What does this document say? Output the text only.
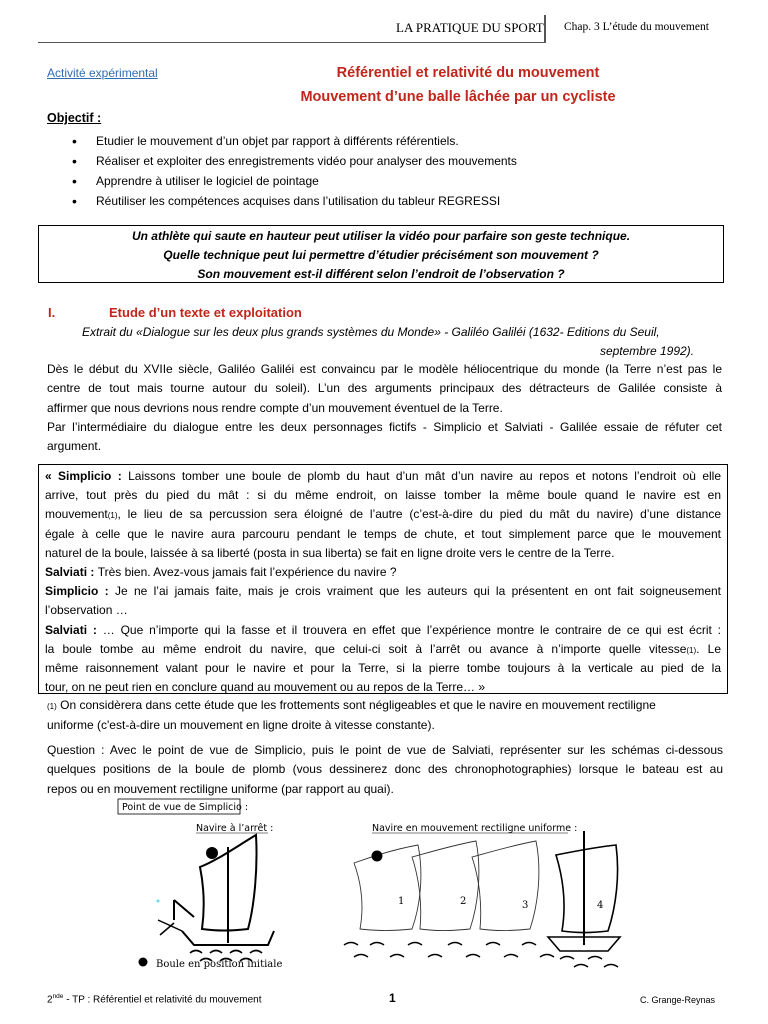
LA PRATIQUE DU SPORT Chap. 3 L’étude du mouvement
Activité expérimental	Référentiel et relativité du mouvement
Mouvement d’une balle lâchée par un cycliste
Objectif :
• Etudier le mouvement d’un objet par rapport à différents référentiels.
• Réaliser et exploiter des enregistrements vidéo pour analyser des mouvements
• Apprendre à utiliser le logiciel de pointage
• Réutiliser les compétences acquises dans l’utilisation du tableur REGRESSI
Un athlète qui saute en hauteur peut utiliser la vidéo pour parfaire son geste technique.
Quelle technique peut lui permettre d’étudier précisément son mouvement ?
Son mouvement est-il différent selon l’endroit de l’observation ?
I.	Etude d’un texte et exploitation
Extrait du «Dialogue sur les deux plus grands systèmes du Monde» - Galiléo Galiléi (1632- Editions du Seuil,
septembre 1992).
Dès le début du XVIIe siècle, Galiléo Galiléi est convaincu par le modèle héliocentrique du monde (la Terre n’est pas le
centre de tout mais tourne autour du soleil). L’un des arguments principaux des détracteurs de Galilée consiste à
affirmer que nous devrions nous rendre compte d’un mouvement éventuel de la Terre.
Par l’intermédiaire du dialogue entre les deux personnages fictifs - Simplicio et Salviati - Galilée essaie de réfuter cet
argument.
« Simplicio : Laissons tomber une boule de plomb du haut d’un mât d’un navire au repos et notons l’endroit où elle
arrive, tout près du pied du mât : si du même endroit, on laisse tomber la même boule quand le navire est en
mouvement(1), le lieu de sa percussion sera éloigné de l’autre (c’est-à-dire du pied du mât du navire) d’une distance
égale à celle que le navire aura parcouru pendant le temps de chute, et tout simplement parce que le mouvement
naturel de la boule, laissée à sa liberté (posta in sua liberta) se fait en ligne droite vers le centre de la Terre.
Salviati : Très bien. Avez-vous jamais fait l’expérience du navire ?
Simplicio : Je ne l’ai jamais faite, mais je crois vraiment que les auteurs qui la présentent en ont fait soigneusement
l’observation …
Salviati : … Que n’importe qui la fasse et il trouvera en effet que l’expérience montre le contraire de ce qui est écrit :
la boule tombe au même endroit du navire, que celui-ci soit à l’arrêt ou avance à n’importe quelle vitesse(1). Le
même raisonnement valant pour le navire et pour la Terre, si la pierre tombe toujours à la verticale au pied de la
tour, on ne peut rien en conclure quand au mouvement ou au repos de la Terre… »
(1) On considèrera dans cette étude que les frottements sont négligeables et que le navire en mouvement rectiligne
uniforme (c'est-à-dire un mouvement en ligne droite à vitesse constante).
Question : Avec le point de vue de Simplicio, puis le point de vue de Salviati, représenter sur les schémas ci-dessous
quelques positions de la boule de plomb (vous dessinerez donc des chronophotographies) lorsque le bateau est au
repos ou en mouvement rectiligne uniforme (par rapport au quai).
Point de vue de Simplicio :
Navire à l’arrêt :	Navire en mouvement rectiligne uniforme :
Boule en position initiale
1	2	3	4
2nde - TP : Référentiel et relativité du mouvement	1	C. Grange-Reynas
